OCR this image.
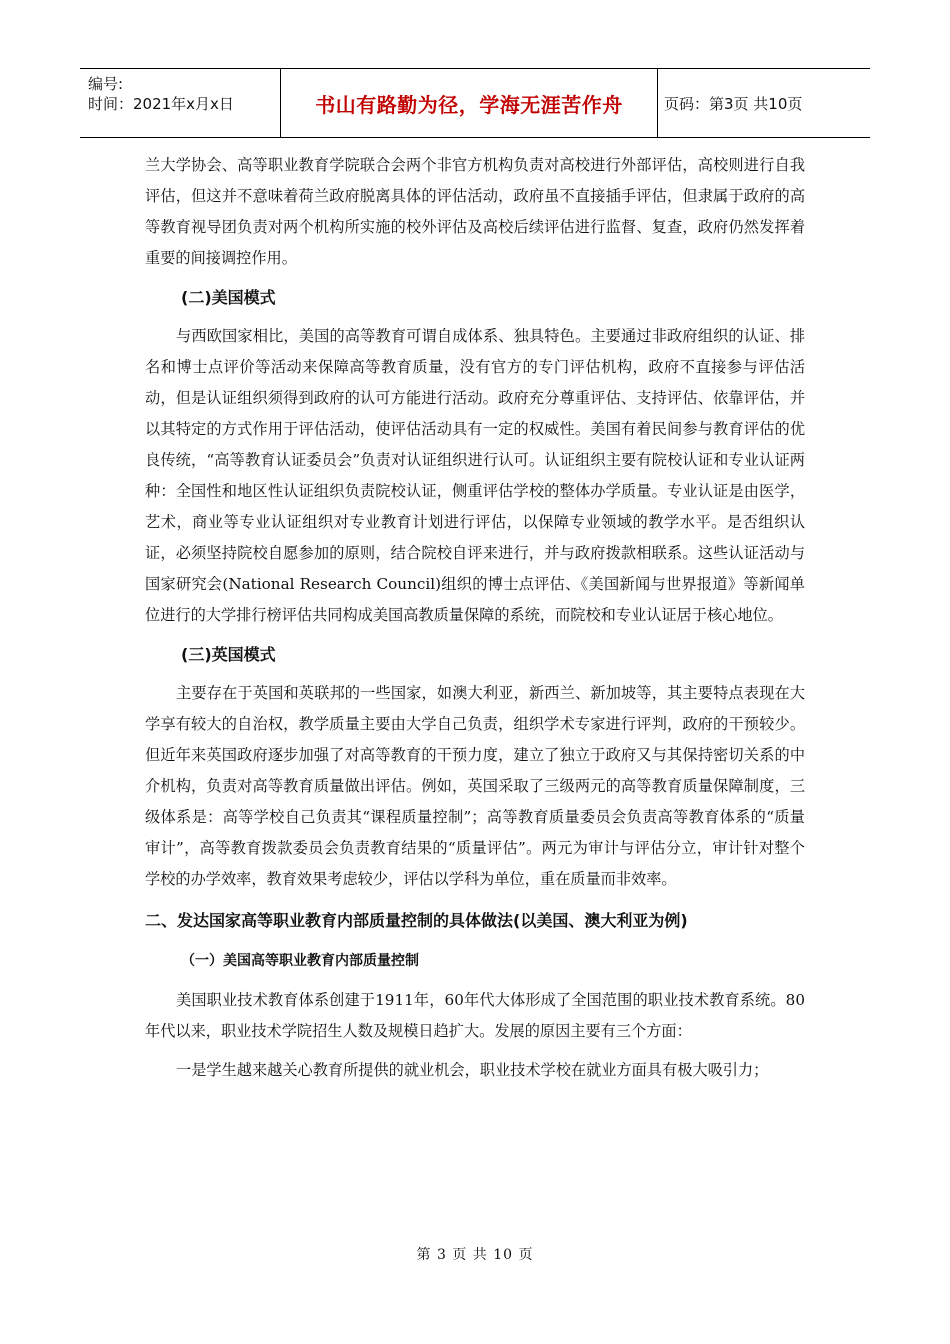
编号:
时间：2021年x月x日	书山有路勤为径，学海无涯苦作舟	页码：第3页 共10页

兰大学协会、高等职业教育学院联合会两个非官方机构负责对高校进行外部评估，高校则进行自我评估，但这并不意味着荷兰政府脱离具体的评估活动，政府虽不直接插手评估，但隶属于政府的高等教育视导团负责对两个机构所实施的校外评估及高校后续评估进行监督、复查，政府仍然发挥着重要的间接调控作用。

(二)美国模式

与西欧国家相比，美国的高等教育可谓自成体系、独具特色。主要通过非政府组织的认证、排名和博士点评价等活动来保障高等教育质量，没有官方的专门评估机构，政府不直接参与评估活动，但是认证组织须得到政府的认可方能进行活动。政府充分尊重评估、支持评估、依靠评估，并以其特定的方式作用于评估活动，使评估活动具有一定的权威性。美国有着民间参与教育评估的优良传统，“高等教育认证委员会”负责对认证组织进行认可。认证组织主要有院校认证和专业认证两种：全国性和地区性认证组织负责院校认证，侧重评估学校的整体办学质量。专业认证是由医学，艺术，商业等专业认证组织对专业教育计划进行评估，以保障专业领域的教学水平。是否组织认证，必须坚持院校自愿参加的原则，结合院校自评来进行，并与政府拨款相联系。这些认证活动与国家研究会(National Research Council)组织的博士点评估、《美国新闻与世界报道》等新闻单位进行的大学排行榜评估共同构成美国高教质量保障的系统，而院校和专业认证居于核心地位。

(三)英国模式

主要存在于英国和英联邦的一些国家，如澳大利亚，新西兰、新加坡等，其主要特点表现在大学享有较大的自治权，教学质量主要由大学自己负责，组织学术专家进行评判，政府的干预较少。但近年来英国政府逐步加强了对高等教育的干预力度，建立了独立于政府又与其保持密切关系的中介机构，负责对高等教育质量做出评估。例如，英国采取了三级两元的高等教育质量保障制度，三级体系是：高等学校自己负责其“课程质量控制”；高等教育质量委员会负责高等教育体系的“质量审计”，高等教育拨款委员会负责教育结果的“质量评估”。两元为审计与评估分立，审计针对整个学校的办学效率，教育效果考虑较少，评估以学科为单位，重在质量而非效率。

二、发达国家高等职业教育内部质量控制的具体做法(以美国、澳大利亚为例)
（一）美国高等职业教育内部质量控制

美国职业技术教育体系创建于1911年，60年代大体形成了全国范围的职业技术教育系统。80年代以来，职业技术学院招生人数及规模日趋扩大。发展的原因主要有三个方面：

一是学生越来越关心教育所提供的就业机会，职业技术学校在就业方面具有极大吸引力；

第 3 页 共 10 页
